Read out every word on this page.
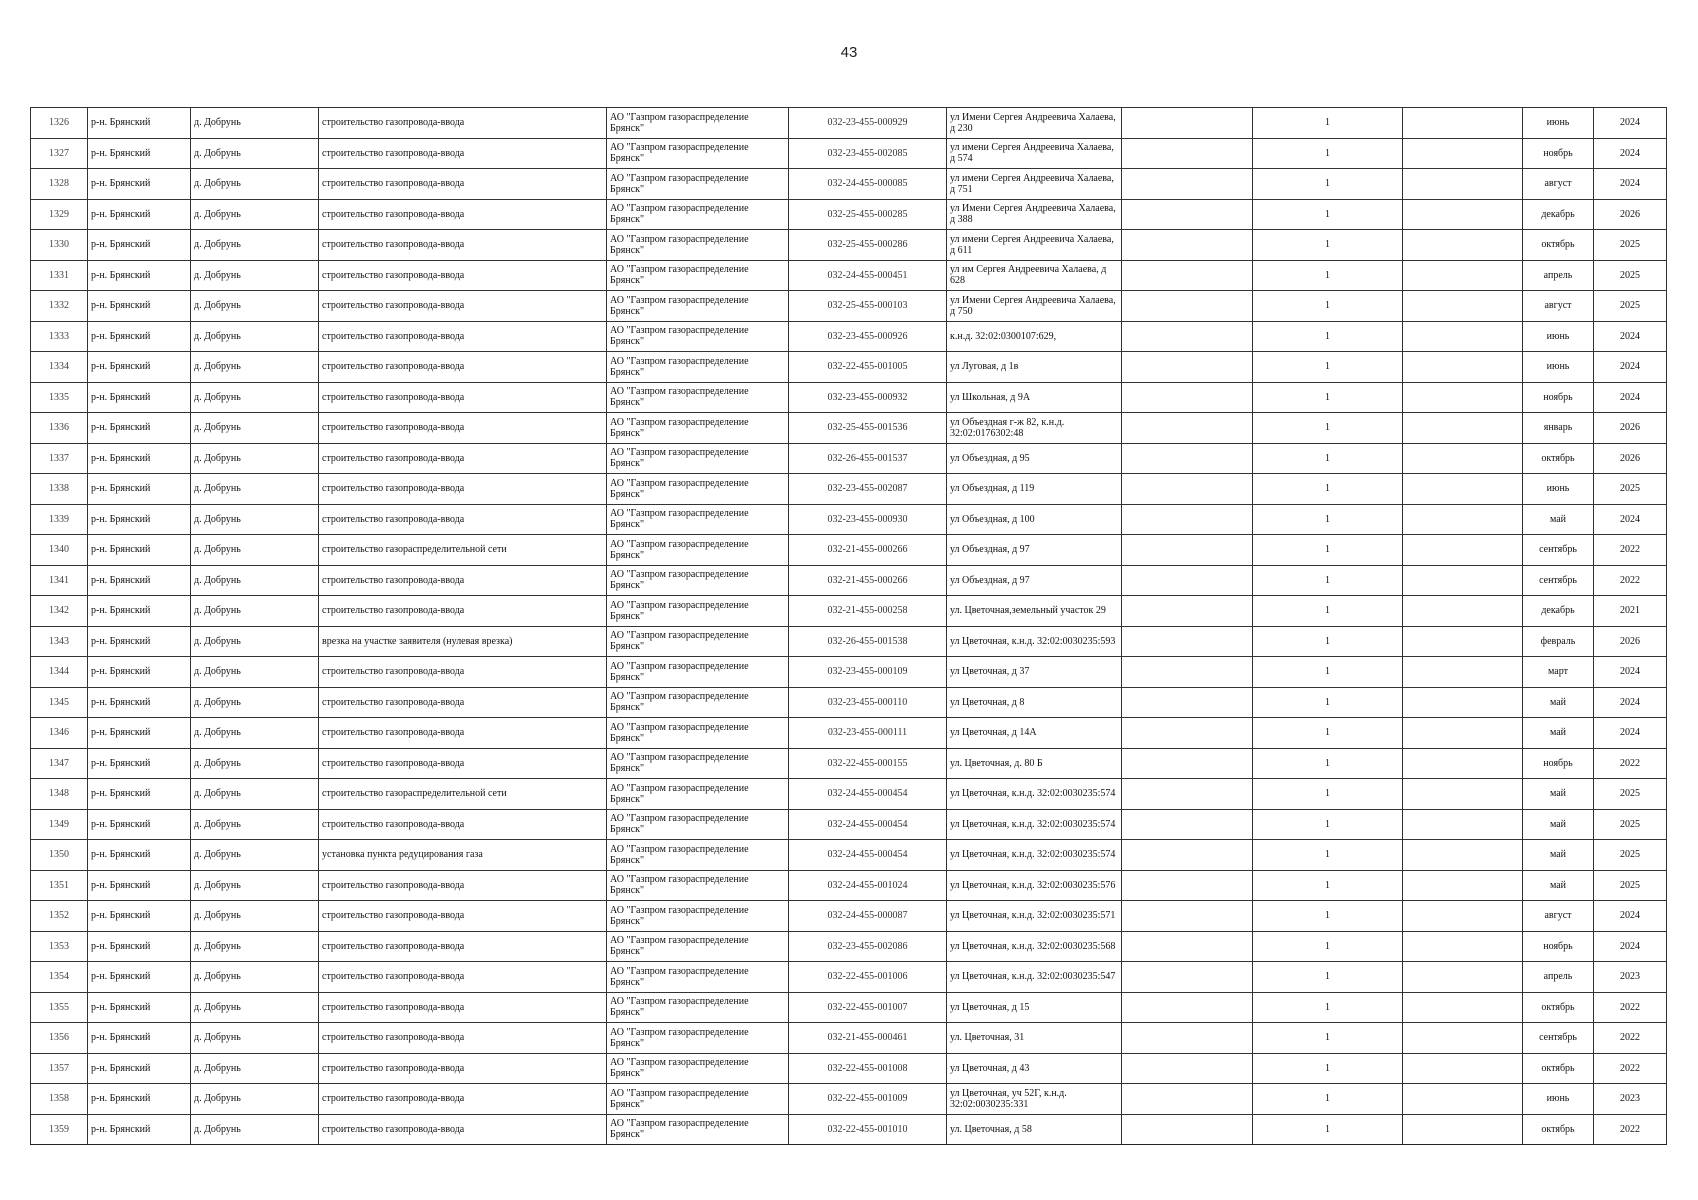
43
1326	р-н. Брянский	д. Добрунь	строительство газопровода-ввода	АО "Газпром газораспределение Брянск"	032-23-455-000929	ул Имени Сергея Андреевича Халаева, д 230		1		июнь	2024
1327	р-н. Брянский	д. Добрунь	строительство газопровода-ввода	АО "Газпром газораспределение Брянск"	032-23-455-002085	ул имени Сергея Андреевича Халаева, д 574		1		ноябрь	2024
1328	р-н. Брянский	д. Добрунь	строительство газопровода-ввода	АО "Газпром газораспределение Брянск"	032-24-455-000085	ул имени Сергея Андреевича Халаева, д 751		1		август	2024
1329	р-н. Брянский	д. Добрунь	строительство газопровода-ввода	АО "Газпром газораспределение Брянск"	032-25-455-000285	ул Имени Сергея Андреевича Халаева, д 388		1		декабрь	2026
1330	р-н. Брянский	д. Добрунь	строительство газопровода-ввода	АО "Газпром газораспределение Брянск"	032-25-455-000286	ул имени Сергея Андреевича Халаева, д 611		1		октябрь	2025
1331	р-н. Брянский	д. Добрунь	строительство газопровода-ввода	АО "Газпром газораспределение Брянск"	032-24-455-000451	ул им Сергея Андреевича Халаева, д 628		1		апрель	2025
1332	р-н. Брянский	д. Добрунь	строительство газопровода-ввода	АО "Газпром газораспределение Брянск"	032-25-455-000103	ул Имени Сергея Андреевича Халаева, д 750		1		август	2025
1333	р-н. Брянский	д. Добрунь	строительство газопровода-ввода	АО "Газпром газораспределение Брянск"	032-23-455-000926	к.н.д. 32:02:0300107:629,		1		июнь	2024
1334	р-н. Брянский	д. Добрунь	строительство газопровода-ввода	АО "Газпром газораспределение Брянск"	032-22-455-001005	ул Луговая, д 1в		1		июнь	2024
1335	р-н. Брянский	д. Добрунь	строительство газопровода-ввода	АО "Газпром газораспределение Брянск"	032-23-455-000932	ул Школьная, д 9А		1		ноябрь	2024
1336	р-н. Брянский	д. Добрунь	строительство газопровода-ввода	АО "Газпром газораспределение Брянск"	032-25-455-001536	ул Объездная г-ж 82, к.н.д. 32:02:0176302:48		1		январь	2026
1337	р-н. Брянский	д. Добрунь	строительство газопровода-ввода	АО "Газпром газораспределение Брянск"	032-26-455-001537	ул Объездная, д 95		1		октябрь	2026
1338	р-н. Брянский	д. Добрунь	строительство газопровода-ввода	АО "Газпром газораспределение Брянск"	032-23-455-002087	ул Объездная, д 119		1		июнь	2025
1339	р-н. Брянский	д. Добрунь	строительство газопровода-ввода	АО "Газпром газораспределение Брянск"	032-23-455-000930	ул Объездная, д 100		1		май	2024
1340	р-н. Брянский	д. Добрунь	строительство газораспределительной сети	АО "Газпром газораспределение Брянск"	032-21-455-000266	ул Объездная, д 97		1		сентябрь	2022
1341	р-н. Брянский	д. Добрунь	строительство газопровода-ввода	АО "Газпром газораспределение Брянск"	032-21-455-000266	ул Объездная, д 97		1		сентябрь	2022
1342	р-н. Брянский	д. Добрунь	строительство газопровода-ввода	АО "Газпром газораспределение Брянск"	032-21-455-000258	ул. Цветочная,земельный участок 29		1		декабрь	2021
1343	р-н. Брянский	д. Добрунь	врезка на участке заявителя (нулевая врезка)	АО "Газпром газораспределение Брянск"	032-26-455-001538	ул Цветочная, к.н.д. 32:02:0030235:593		1		февраль	2026
1344	р-н. Брянский	д. Добрунь	строительство газопровода-ввода	АО "Газпром газораспределение Брянск"	032-23-455-000109	ул Цветочная, д 37		1		март	2024
1345	р-н. Брянский	д. Добрунь	строительство газопровода-ввода	АО "Газпром газораспределение Брянск"	032-23-455-000110	ул Цветочная, д 8		1		май	2024
1346	р-н. Брянский	д. Добрунь	строительство газопровода-ввода	АО "Газпром газораспределение Брянск"	032-23-455-000111	ул Цветочная, д 14А		1		май	2024
1347	р-н. Брянский	д. Добрунь	строительство газопровода-ввода	АО "Газпром газораспределение Брянск"	032-22-455-000155	ул. Цветочная, д. 80 Б		1		ноябрь	2022
1348	р-н. Брянский	д. Добрунь	строительство газораспределительной сети	АО "Газпром газораспределение Брянск"	032-24-455-000454	ул Цветочная, к.н.д. 32:02:0030235:574		1		май	2025
1349	р-н. Брянский	д. Добрунь	строительство газопровода-ввода	АО "Газпром газораспределение Брянск"	032-24-455-000454	ул Цветочная, к.н.д. 32:02:0030235:574		1		май	2025
1350	р-н. Брянский	д. Добрунь	установка пункта редуцирования газа	АО "Газпром газораспределение Брянск"	032-24-455-000454	ул Цветочная, к.н.д. 32:02:0030235:574		1		май	2025
1351	р-н. Брянский	д. Добрунь	строительство газопровода-ввода	АО "Газпром газораспределение Брянск"	032-24-455-001024	ул Цветочная, к.н.д. 32:02:0030235:576		1		май	2025
1352	р-н. Брянский	д. Добрунь	строительство газопровода-ввода	АО "Газпром газораспределение Брянск"	032-24-455-000087	ул Цветочная, к.н.д. 32:02:0030235:571		1		август	2024
1353	р-н. Брянский	д. Добрунь	строительство газопровода-ввода	АО "Газпром газораспределение Брянск"	032-23-455-002086	ул Цветочная, к.н.д. 32:02:0030235:568		1		ноябрь	2024
1354	р-н. Брянский	д. Добрунь	строительство газопровода-ввода	АО "Газпром газораспределение Брянск"	032-22-455-001006	ул Цветочная, к.н.д. 32:02:0030235:547		1		апрель	2023
1355	р-н. Брянский	д. Добрунь	строительство газопровода-ввода	АО "Газпром газораспределение Брянск"	032-22-455-001007	ул Цветочная, д 15		1		октябрь	2022
1356	р-н. Брянский	д. Добрунь	строительство газопровода-ввода	АО "Газпром газораспределение Брянск"	032-21-455-000461	ул. Цветочная, 31		1		сентябрь	2022
1357	р-н. Брянский	д. Добрунь	строительство газопровода-ввода	АО "Газпром газораспределение Брянск"	032-22-455-001008	ул Цветочная, д 43		1		октябрь	2022
1358	р-н. Брянский	д. Добрунь	строительство газопровода-ввода	АО "Газпром газораспределение Брянск"	032-22-455-001009	ул Цветочная, уч 52Г, к.н.д. 32:02:0030235:331		1		июнь	2023
1359	р-н. Брянский	д. Добрунь	строительство газопровода-ввода	АО "Газпром газораспределение Брянск"	032-22-455-001010	ул. Цветочная, д 58		1		октябрь	2022
